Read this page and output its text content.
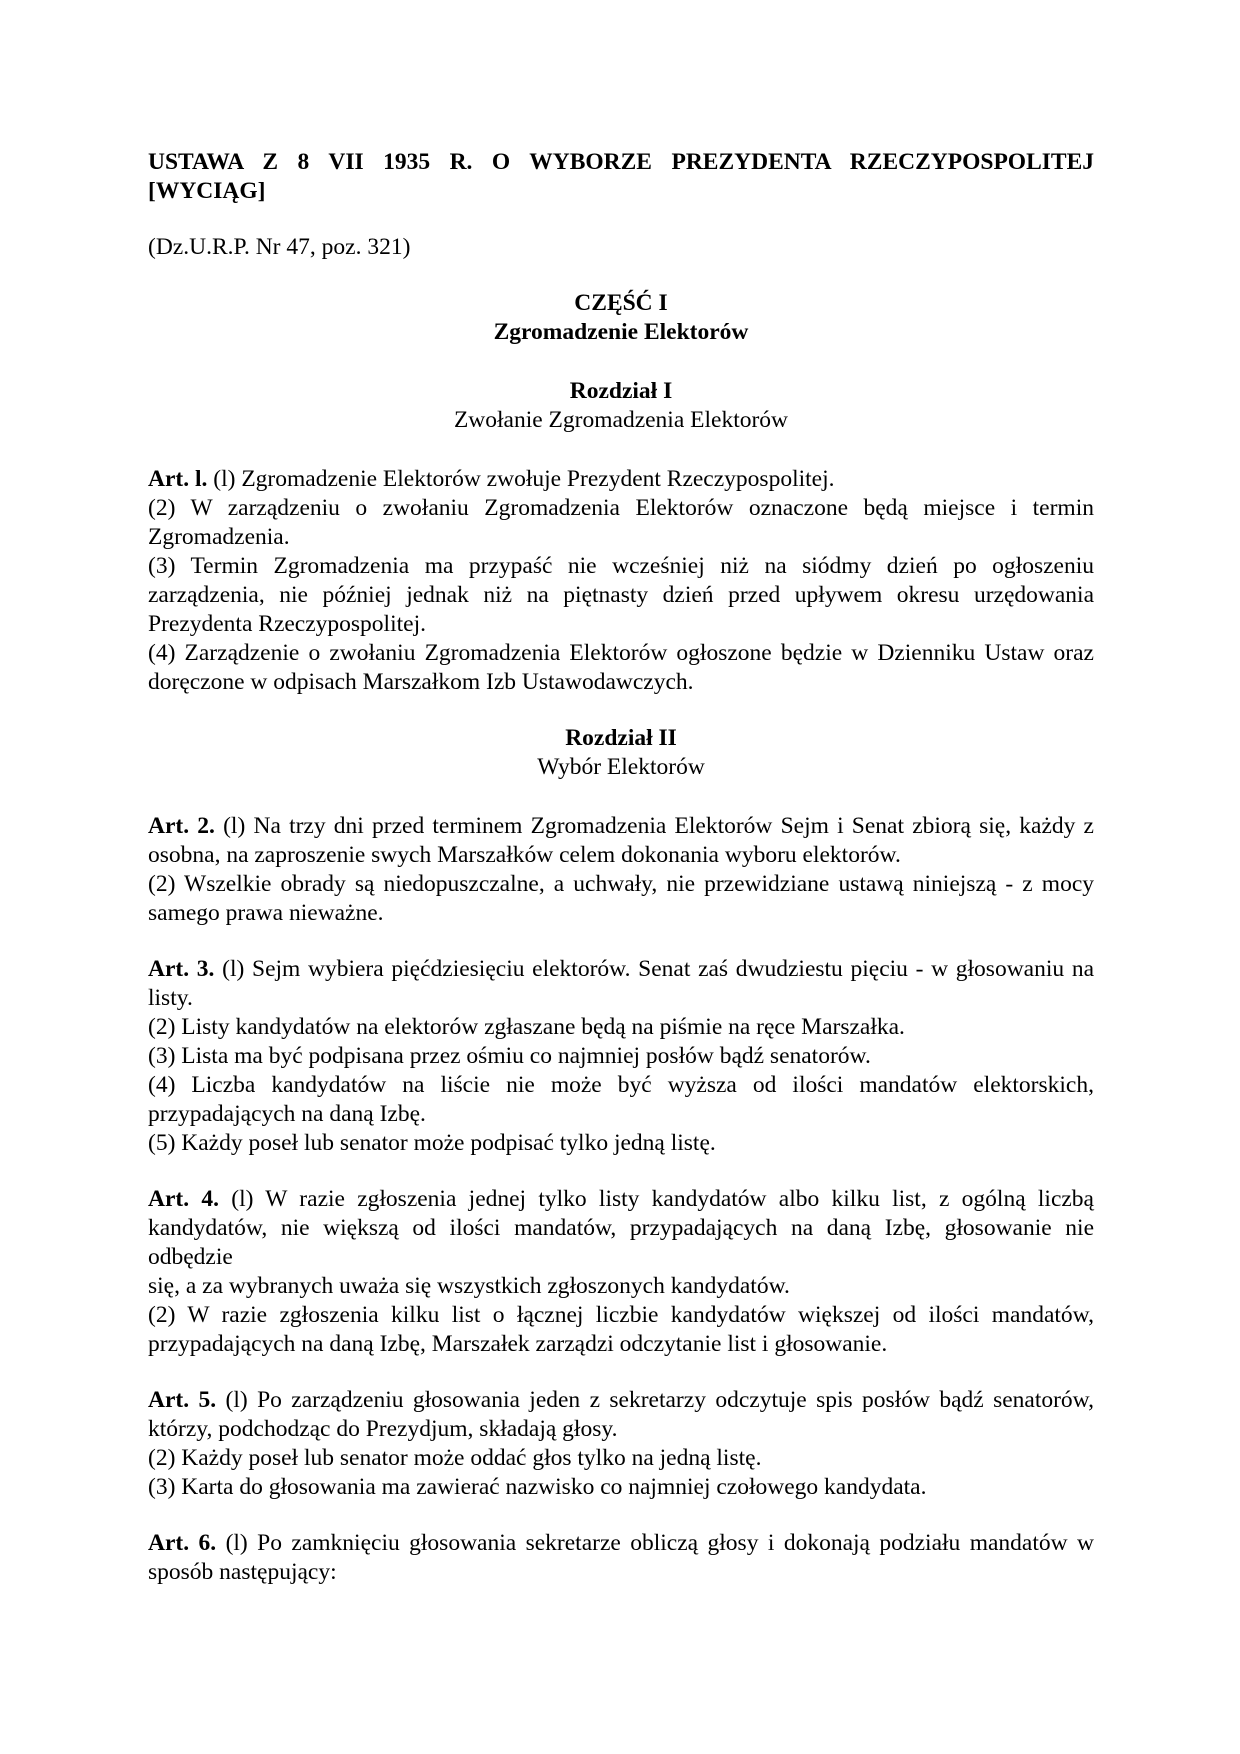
USTAWA Z 8 VII 1935 R. O WYBORZE PREZYDENTA RZECZYPOSPOLITEJ
[WYCIĄG]
(Dz.U.R.P. Nr 47, poz. 321)
CZĘŚĆ I
Zgromadzenie Elektorów
Rozdział I
Zwołanie Zgromadzenia Elektorów

Art. l. (l) Zgromadzenie Elektorów zwołuje Prezydent Rzeczypospolitej.

(2) W zarządzeniu o zwołaniu Zgromadzenia Elektorów oznaczone będą miejsce i termin Zgromadzenia.

(3) Termin Zgromadzenia ma przypaść nie wcześniej niż na siódmy dzień po ogłoszeniu zarządzenia, nie później jednak niż na piętnasty dzień przed upływem okresu urzędowania Prezydenta Rzeczypospolitej.

(4) Zarządzenie o zwołaniu Zgromadzenia Elektorów ogłoszone będzie w Dzienniku Ustaw oraz doręczone w odpisach Marszałkom Izb Ustawodawczych.

Rozdział II
Wybór Elektorów

Art. 2. (l) Na trzy dni przed terminem Zgromadzenia Elektorów Sejm i Senat zbiorą się, każdy z osobna, na zaproszenie swych Marszałków celem dokonania wyboru elektorów.

(2) Wszelkie obrady są niedopuszczalne, a uchwały, nie przewidziane ustawą niniejszą - z mocy samego prawa nieważne.

Art. 3. (l) Sejm wybiera pięćdziesięciu elektorów. Senat zaś dwudziestu pięciu - w głosowaniu na listy.

(2) Listy kandydatów na elektorów zgłaszane będą na piśmie na ręce Marszałka.

(3) Lista ma być podpisana przez ośmiu co najmniej posłów bądź senatorów.

(4) Liczba kandydatów na liście nie może być wyższa od ilości mandatów elektorskich, przypadających na daną Izbę.

(5) Każdy poseł lub senator może podpisać tylko jedną listę.

Art. 4. (l) W razie zgłoszenia jednej tylko listy kandydatów albo kilku list, z ogólną liczbą kandydatów, nie większą od ilości mandatów, przypadających na daną Izbę, głosowanie nie odbędzie

się, a za wybranych uważa się wszystkich zgłoszonych kandydatów.

(2) W razie zgłoszenia kilku list o łącznej liczbie kandydatów większej od ilości mandatów, przypadających na daną Izbę, Marszałek zarządzi odczytanie list i głosowanie.

Art. 5. (l) Po zarządzeniu głosowania jeden z sekretarzy odczytuje spis posłów bądź senatorów, którzy, podchodząc do Prezydjum, składają głosy.

(2) Każdy poseł lub senator może oddać głos tylko na jedną listę.

(3) Karta do głosowania ma zawierać nazwisko co najmniej czołowego kandydata.

Art. 6. (l) Po zamknięciu głosowania sekretarze obliczą głosy i dokonają podziału mandatów w sposób następujący:
